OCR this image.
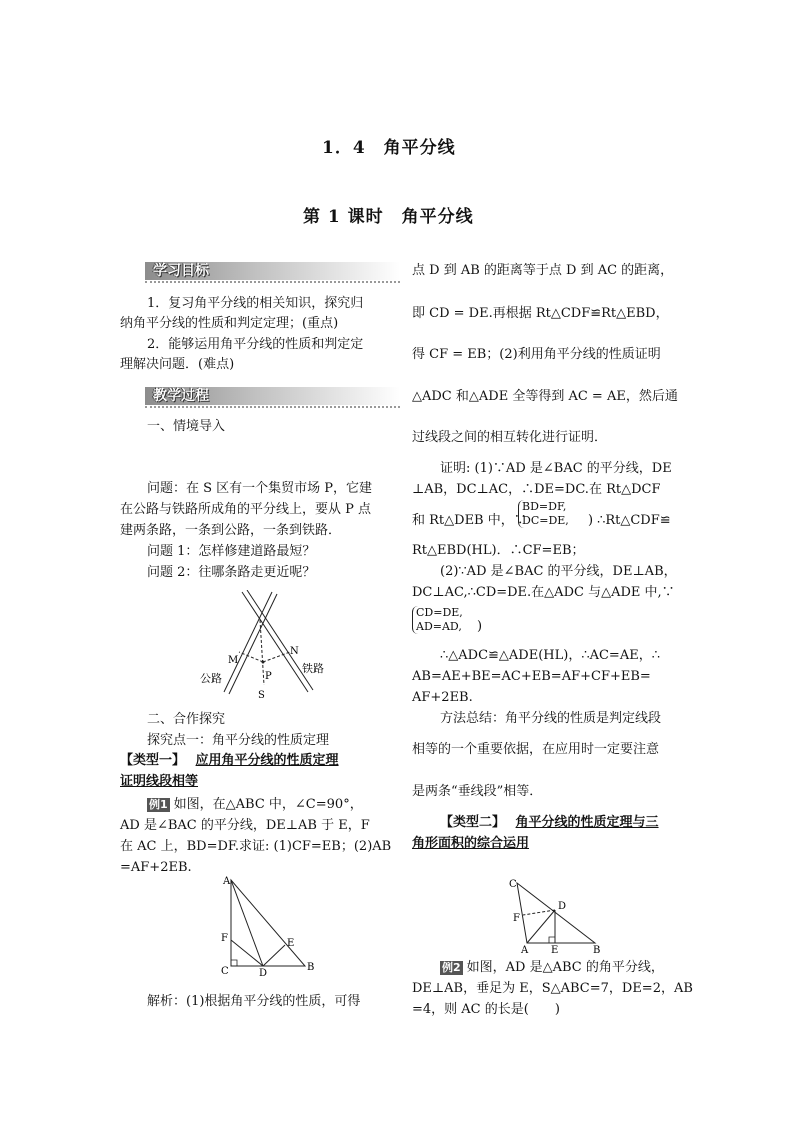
1．4　角平分线
第 1 课时　角平分线
学习目标
1．复习角平分线的相关知识，探究归
纳角平分线的性质和判定定理；(重点)
2．能够运用角平分线的性质和判定定
理解决问题．(难点)
教学过程
一、情境导入
问题：在 S 区有一个集贸市场 P，它建
在公路与铁路所成角的平分线上，要从 P 点
建两条路，一条到公路，一条到铁路．
问题 1：怎样修建道路最短？
问题 2：往哪条路走更近呢？
M
N
P
S
公路
铁路
二、合作探究
探究点一：角平分线的性质定理
【类型一】 应用角平分线的性质定理
证明线段相等
例1 如图，在△ABC 中，∠C=90°，
AD 是∠BAC 的平分线，DE⊥AB 于 E，F
在 AC 上，BD=DF.求证: (1)CF=EB；(2)AB
=AF+2EB.
A
F
C	D
E
B
解析：(1)根据角平分线的性质，可得
点 D 到 AB 的距离等于点 D 到 AC 的距离，
即 CD = DE.再根据 Rt△CDF≌Rt△EBD，
得 CF = EB；(2)利用角平分线的性质证明
△ADC 和△ADE 全等得到 AC = AE，然后通
过线段之间的相互转化进行证明．
证明: (1)∵AD 是∠BAC 的平分线，DE
⊥AB，DC⊥AC，∴DE=DC.在 Rt△DCF
和 Rt△DEB 中，∵
BD=DF,
DC=DE, ) ∴Rt△CDF≌
Rt△EBD(HL)．∴CF=EB；
(2)∵AD 是∠BAC 的平分线，DE⊥AB，
DC⊥AC,∴CD=DE.在△ADC 与△ADE 中,∵
CD=DE,
AD=AD, )
∴△ADC≌△ADE(HL)，∴AC=AE，∴
AB=AE+BE=AC+EB=AF+CF+EB=
AF+2EB.
方法总结：角平分线的性质是判定线段
相等的一个重要依据，在应用时一定要注意
是两条“垂线段”相等．
【类型二】 角平分线的性质定理与三
角形面积的综合运用
C
F
D
A E	B
例2 如图，AD 是△ABC 的角平分线，
DE⊥AB，垂足为 E，S△ABC=7，DE=2，AB
=4，则 AC 的长是(　　)
